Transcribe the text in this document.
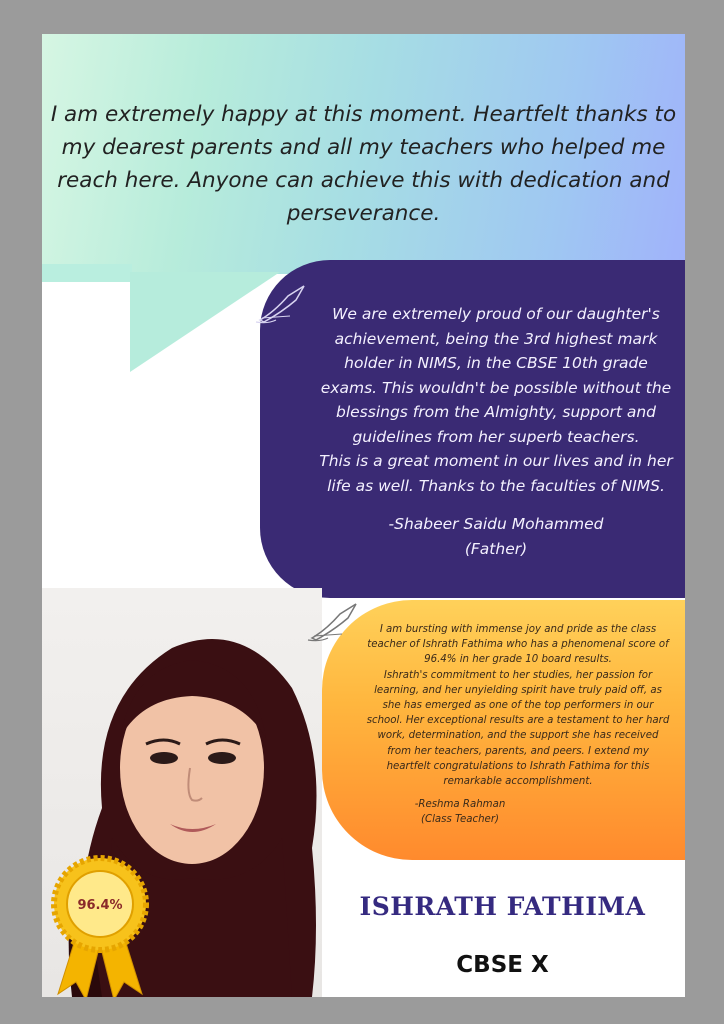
I am extremely happy at this moment. Heartfelt thanks to
my dearest parents and all my teachers who helped me
reach here. Anyone can achieve this with dedication and
perseverance.
We are extremely proud of our daughter's
achievement, being the 3rd highest mark
holder in NIMS, in the CBSE 10th grade
exams. This wouldn't be possible without the
blessings from the Almighty, support and
guidelines from her superb teachers.
This is a great moment in our lives and in her
life as well. Thanks to the faculties of NIMS.
-Shabeer Saidu Mohammed
(Father)
I am bursting with immense joy and pride as the class
teacher of Ishrath Fathima who has a phenomenal score of
96.4% in her grade 10 board results.
Ishrath's commitment to her studies, her passion for
learning, and her unyielding spirit have truly paid off, as
she has emerged as one of the top performers in our
school. Her exceptional results are a testament to her hard
work, determination, and the support she has received
from her teachers, parents, and peers. I extend my
heartfelt congratulations to Ishrath Fathima for this
remarkable accomplishment.
-Reshma Rahman
(Class Teacher)
96.4%	ISHRATH FATHIMA
CBSE X
